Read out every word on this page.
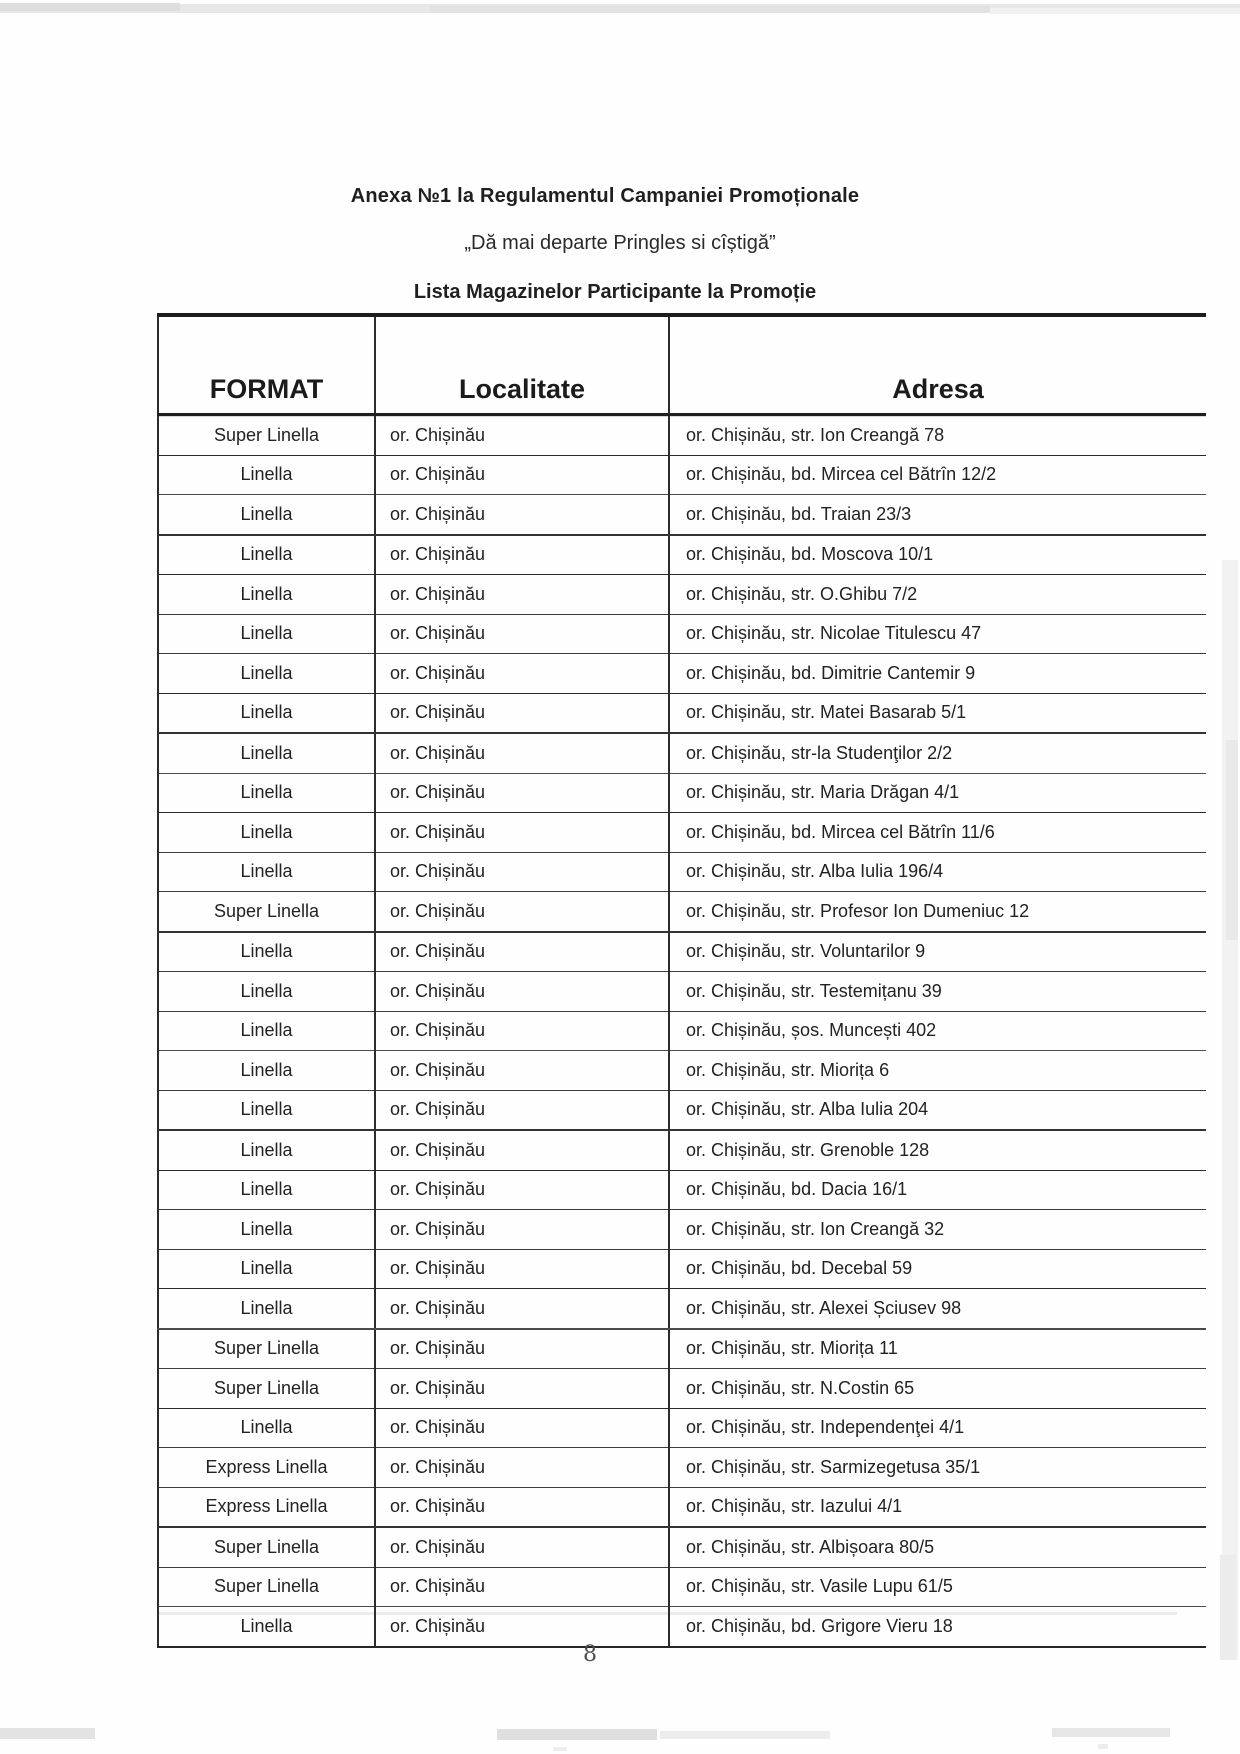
Anexa №1 la Regulamentul Campaniei Promoționale
„Dă mai departe Pringles si cîștigă”
Lista Magazinelor Participante la Promoție
FORMAT	Localitate	Adresa
Super Linella	or. Chișinău	or. Chișinău, str. Ion Creangă 78
Linella	or. Chișinău	or. Chișinău, bd. Mircea cel Bătrîn 12/2
Linella	or. Chișinău	or. Chișinău, bd. Traian 23/3
Linella	or. Chișinău	or. Chișinău, bd. Moscova 10/1
Linella	or. Chișinău	or. Chișinău, str. O.Ghibu 7/2
Linella	or. Chișinău	or. Chișinău, str. Nicolae Titulescu 47
Linella	or. Chișinău	or. Chișinău, bd. Dimitrie Cantemir 9
Linella	or. Chișinău	or. Chișinău, str. Matei Basarab 5/1
Linella	or. Chișinău	or. Chișinău, str-la Studenţilor 2/2
Linella	or. Chișinău	or. Chișinău, str. Maria Drăgan 4/1
Linella	or. Chișinău	or. Chișinău, bd. Mircea cel Bătrîn 11/6
Linella	or. Chișinău	or. Chișinău, str. Alba Iulia 196/4
Super Linella	or. Chișinău	or. Chișinău, str. Profesor Ion Dumeniuc 12
Linella	or. Chișinău	or. Chișinău, str. Voluntarilor 9
Linella	or. Chișinău	or. Chișinău, str. Testemițanu 39
Linella	or. Chișinău	or. Chișinău, șos. Muncești 402
Linella	or. Chișinău	or. Chișinău, str. Miorița 6
Linella	or. Chișinău	or. Chișinău, str. Alba Iulia 204
Linella	or. Chișinău	or. Chișinău, str. Grenoble 128
Linella	or. Chișinău	or. Chișinău, bd. Dacia 16/1
Linella	or. Chișinău	or. Chișinău, str. Ion Creangă 32
Linella	or. Chișinău	or. Chișinău, bd. Decebal 59
Linella	or. Chișinău	or. Chișinău, str. Alexei Șciusev 98
Super Linella	or. Chișinău	or. Chișinău, str. Miorița 11
Super Linella	or. Chișinău	or. Chișinău, str. N.Costin 65
Linella	or. Chișinău	or. Chișinău, str. Independenţei 4/1
Express Linella	or. Chișinău	or. Chișinău, str. Sarmizegetusa 35/1
Express Linella	or. Chișinău	or. Chișinău, str. Iazului 4/1
Super Linella	or. Chișinău	or. Chișinău, str. Albișoara 80/5
Super Linella	or. Chișinău	or. Chișinău, str. Vasile Lupu 61/5
Linella	or. Chișinău	or. Chișinău, bd. Grigore Vieru 18
8
